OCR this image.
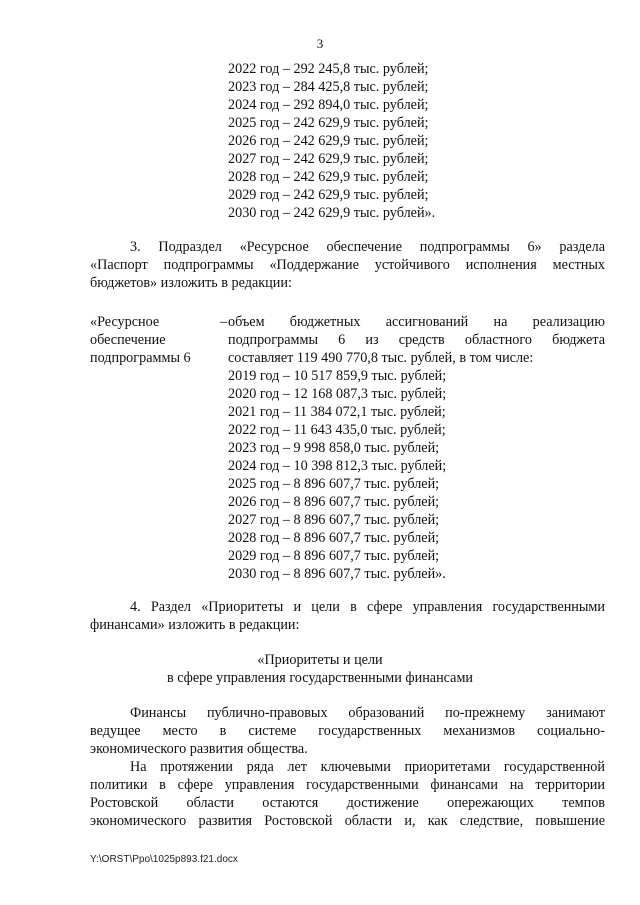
3
2022 год – 292 245,8 тыс. рублей;
2023 год – 284 425,8 тыс. рублей;
2024 год – 292 894,0 тыс. рублей;
2025 год – 242 629,9 тыс. рублей;
2026 год – 242 629,9 тыс. рублей;
2027 год – 242 629,9 тыс. рублей;
2028 год – 242 629,9 тыс. рублей;
2029 год – 242 629,9 тыс. рублей;
2030 год – 242 629,9 тыс. рублей».
3. Подраздел «Ресурсное обеспечение подпрограммы 6» раздела
«Паспорт подпрограммы «Поддержание устойчивого исполнения местных
бюджетов» изложить в редакции:
«Ресурсное
обеспечение
подпрограммы 6
– объем бюджетных ассигнований на реализацию
подпрограммы 6 из средств областного бюджета
составляет 119 490 770,8 тыс. рублей, в том числе:
2019 год – 10 517 859,9 тыс. рублей;
2020 год – 12 168 087,3 тыс. рублей;
2021 год – 11 384 072,1 тыс. рублей;
2022 год – 11 643 435,0 тыс. рублей;
2023 год – 9 998 858,0 тыс. рублей;
2024 год – 10 398 812,3 тыс. рублей;
2025 год – 8 896 607,7 тыс. рублей;
2026 год – 8 896 607,7 тыс. рублей;
2027 год – 8 896 607,7 тыс. рублей;
2028 год – 8 896 607,7 тыс. рублей;
2029 год – 8 896 607,7 тыс. рублей;
2030 год – 8 896 607,7 тыс. рублей».
4. Раздел «Приоритеты и цели в сфере управления государственными
финансами» изложить в редакции:
«Приоритеты и цели
в сфере управления государственными финансами
Финансы публично-правовых образований по-прежнему занимают
ведущее место в системе государственных механизмов социально-
экономического развития общества.
На протяжении ряда лет ключевыми приоритетами государственной
политики в сфере управления государственными финансами на территории
Ростовской области остаются достижение опережающих темпов
экономического развития Ростовской области и, как следствие, повышение
Y:\ORST\Ppo\1025p893.f21.docx
